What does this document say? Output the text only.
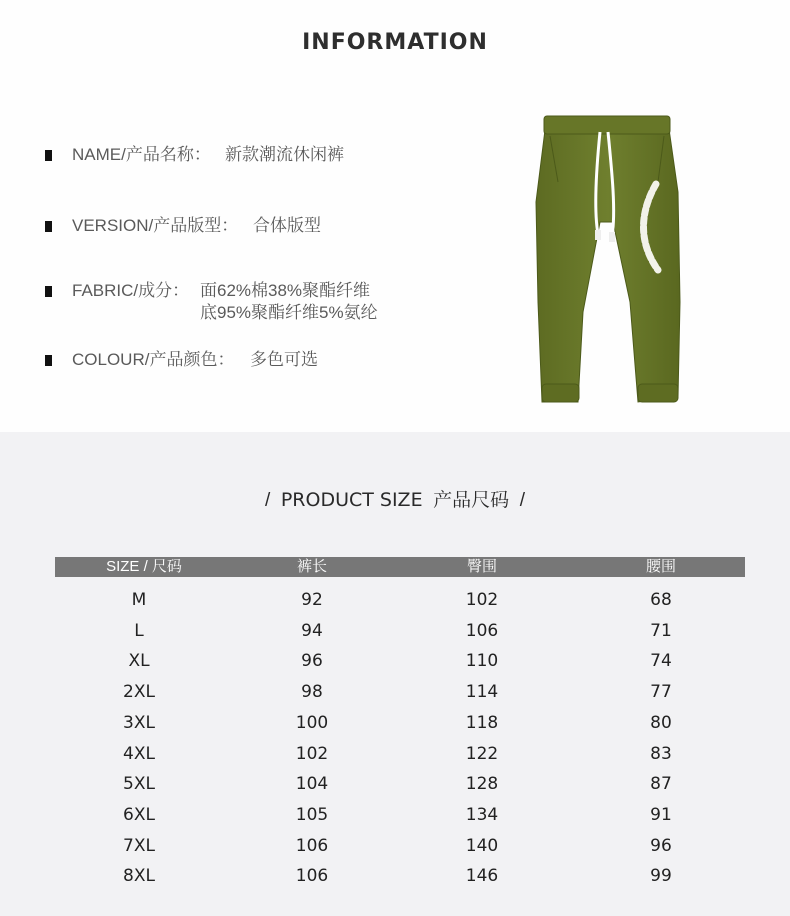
INFORMATION
NAME/产品名称： 新款潮流休闲裤
VERSION/产品版型： 合体版型
FABRIC/成分： 面62%棉38%聚酯纤维
底95%聚酯纤维5%氨纶
COLOUR/产品颜色： 多色可选
/ PRODUCT SIZE 产品尺码 /
SIZE / 尺码	裤长	臀围	腰围
M	92	102	68
L	94	106	71
XL	96	110	74
2XL	98	114	77
3XL	100	118	80
4XL	102	122	83
5XL	104	128	87
6XL	105	134	91
7XL	106	140	96
8XL	106	146	99
